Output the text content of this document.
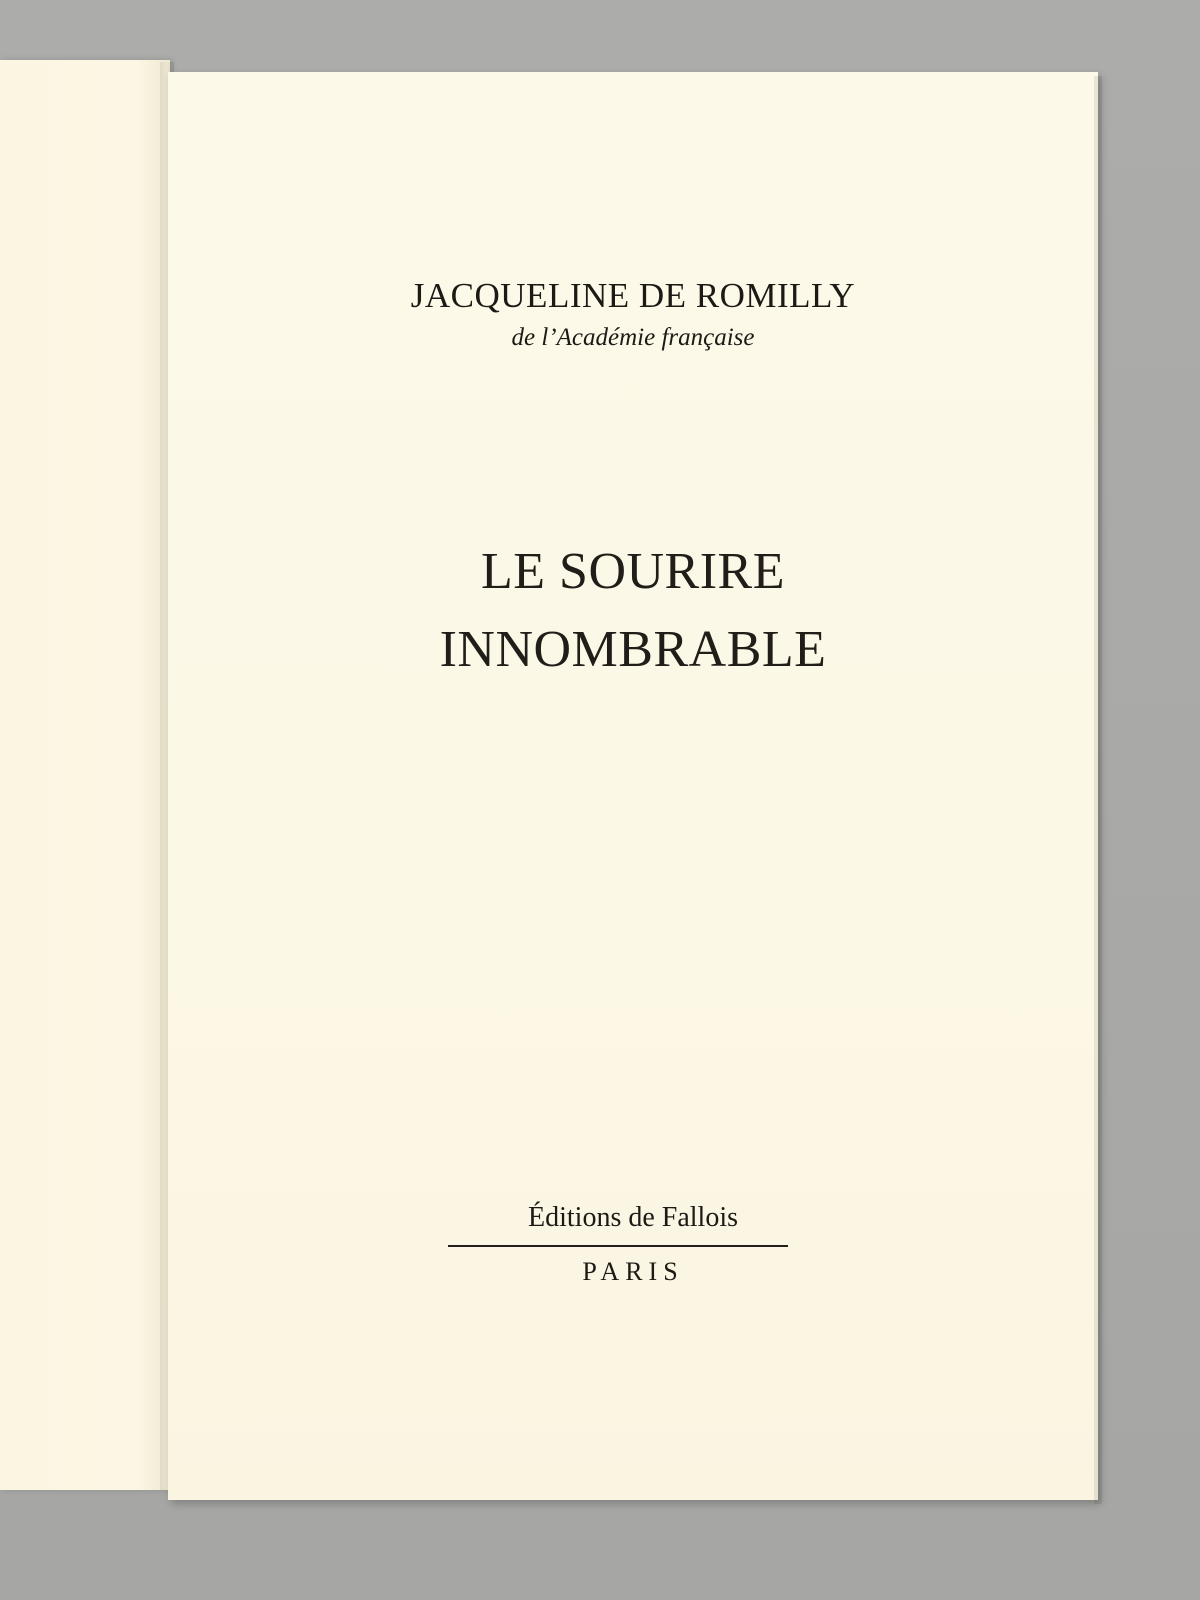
JACQUELINE DE ROMILLY
de l’Académie française
LE SOURIRE
INNOMBRABLE
Éditions de Fallois
PARIS
